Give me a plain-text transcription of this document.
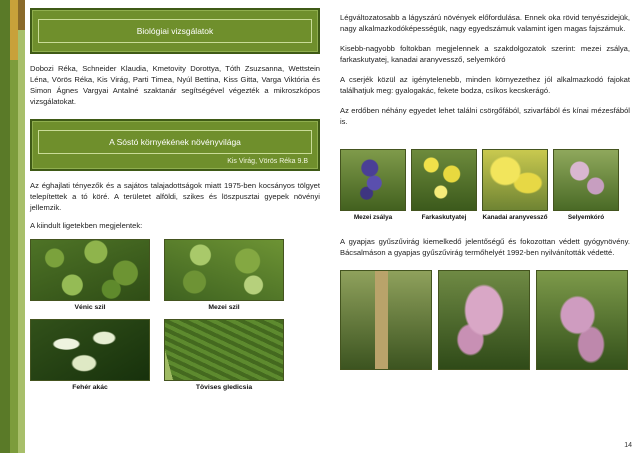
Biológiai vizsgálatok

Dobozi Réka, Schneider Klaudia, Kmetovity Dorottya, Tóth Zsuzsanna, Wettstein Léna, Vörös Réka, Kis Virág, Parti Timea, Nyúl Bettina, Kiss Gitta, Varga Viktória és Simon Ágnes Vargyai Antalné szaktanár segítségével végezték a mikroszkópos vizsgálatokat.

A Sóstó környékének növényvilága
Kis Virág, Vörös Réka 9.B

Az éghajlati tényezők és a sajátos talajadottságok miatt 1975-ben kocsányos tölgyet telepítettek a tó köré. A területet alföldi, szikes és löszpusztai gyepek növényi jellemzik.

A kiindult ligetekben megjelentek:

Vénic szil	Mezei szil
Fehér akác	Tövises gledicsia

Légváltozatosabb a lágyszárú növények előfordulása. Ennek oka rövid tenyészidejük, nagy alkalmazkodóképességük, nagy egyedszámuk valamint igen magas fajszámuk.

Kisebb-nagyobb foltokban megjelennek a szakdolgozatok szerint: mezei zsálya, farkaskutyatej, kanadai aranyvessző, selyemkóró

A cserjék közül az igénytelenebb, minden környezethez jól alkalmazkodó fajokat találhatjuk meg: gyalogakác, fekete bodza, csíkos kecskerágó.

Az erdőben néhány egyedet lehet találni csörgőfából, szivarfából és kínai mézesfából is.

Mezei zsálya	Farkaskutyatej	Kanadai aranyvessző	Selyemkóró

A gyapjas gyűszűvirág kiemelkedő jelentőségű és fokozottan védett gyógynövény. Bácsalmáson a gyapjas gyűszűvirág termőhelyét 1992-ben nyilvánították védetté.

14
